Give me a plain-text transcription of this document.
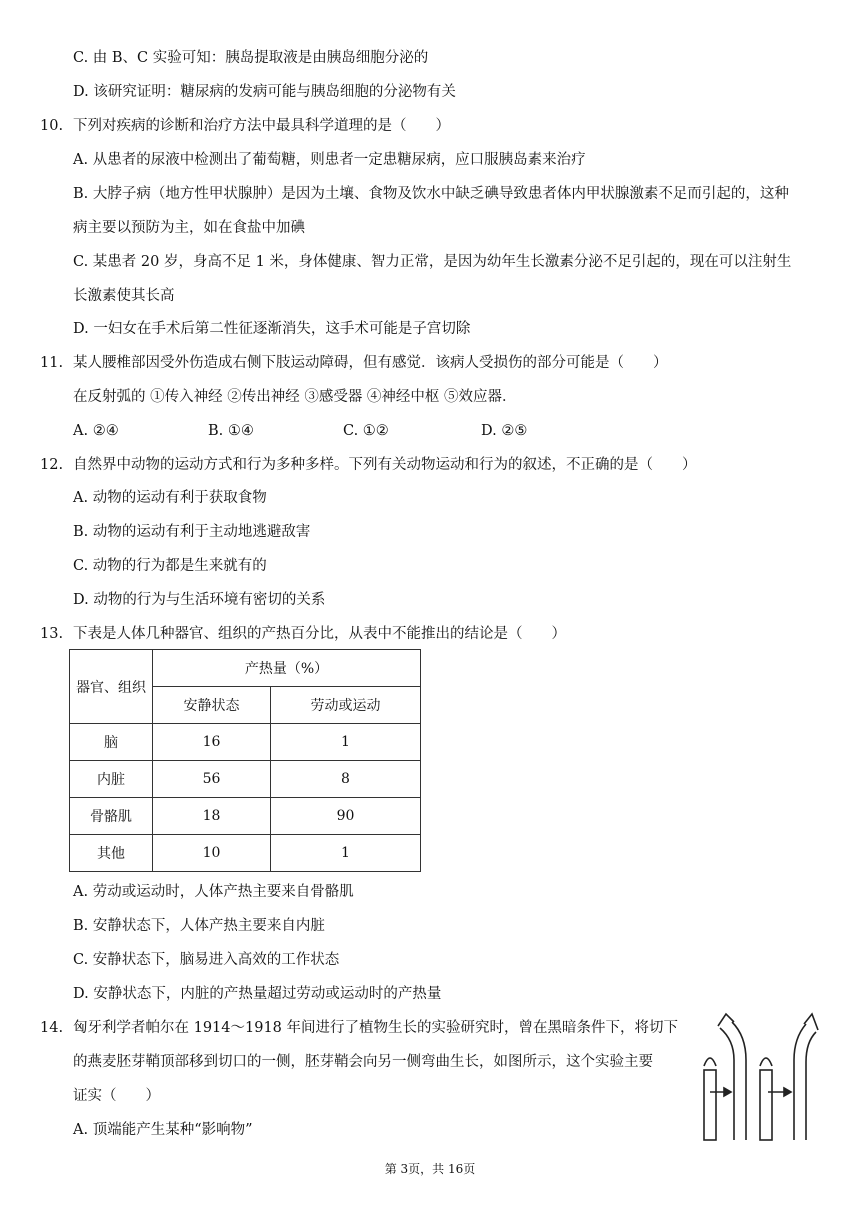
C. 由 B、C 实验可知：胰岛提取液是由胰岛细胞分泌的
D. 该研究证明：糖尿病的发病可能与胰岛细胞的分泌物有关
10. 下列对疾病的诊断和治疗方法中最具科学道理的是（　　）
A. 从患者的尿液中检测出了葡萄糖，则患者一定患糖尿病，应口服胰岛素来治疗
B. 大脖子病（地方性甲状腺肿）是因为土壤、食物及饮水中缺乏碘导致患者体内甲状腺激素不足而引起的，这种
病主要以预防为主，如在食盐中加碘
C. 某患者 20 岁，身高不足 1 米，身体健康、智力正常，是因为幼年生长激素分泌不足引起的，现在可以注射生
长激素使其长高
D. 一妇女在手术后第二性征逐渐消失，这手术可能是子宫切除
11. 某人腰椎部因受外伤造成右侧下肢运动障碍，但有感觉．该病人受损伤的部分可能是（　　）
在反射弧的 ①传入神经 ②传出神经 ③感受器 ④神经中枢 ⑤效应器．
A. ②④	B. ①④	C. ①②	D. ②⑤
12. 自然界中动物的运动方式和行为多种多样。下列有关动物运动和行为的叙述，不正确的是（　　）
A. 动物的运动有利于获取食物
B. 动物的运动有利于主动地逃避敌害
C. 动物的行为都是生来就有的
D. 动物的行为与生活环境有密切的关系
13. 下表是人体几种器官、组织的产热百分比，从表中不能推出的结论是（　　）
器官、组织	产热量（%）	
	安静状态	劳动或运动
脑	16	1
内脏	56	8
骨骼肌	18	90
其他	10	1
A. 劳动或运动时，人体产热主要来自骨骼肌
B. 安静状态下，人体产热主要来自内脏
C. 安静状态下，脑易进入高效的工作状态
D. 安静状态下，内脏的产热量超过劳动或运动时的产热量
14. 匈牙利学者帕尔在 1914～1918 年间进行了植物生长的实验研究时，曾在黑暗条件下，将切下
的燕麦胚芽鞘顶部移到切口的一侧，胚芽鞘会向另一侧弯曲生长，如图所示，这个实验主要
证实（　　）
A. 顶端能产生某种“影响物”
第 3页，共 16页
